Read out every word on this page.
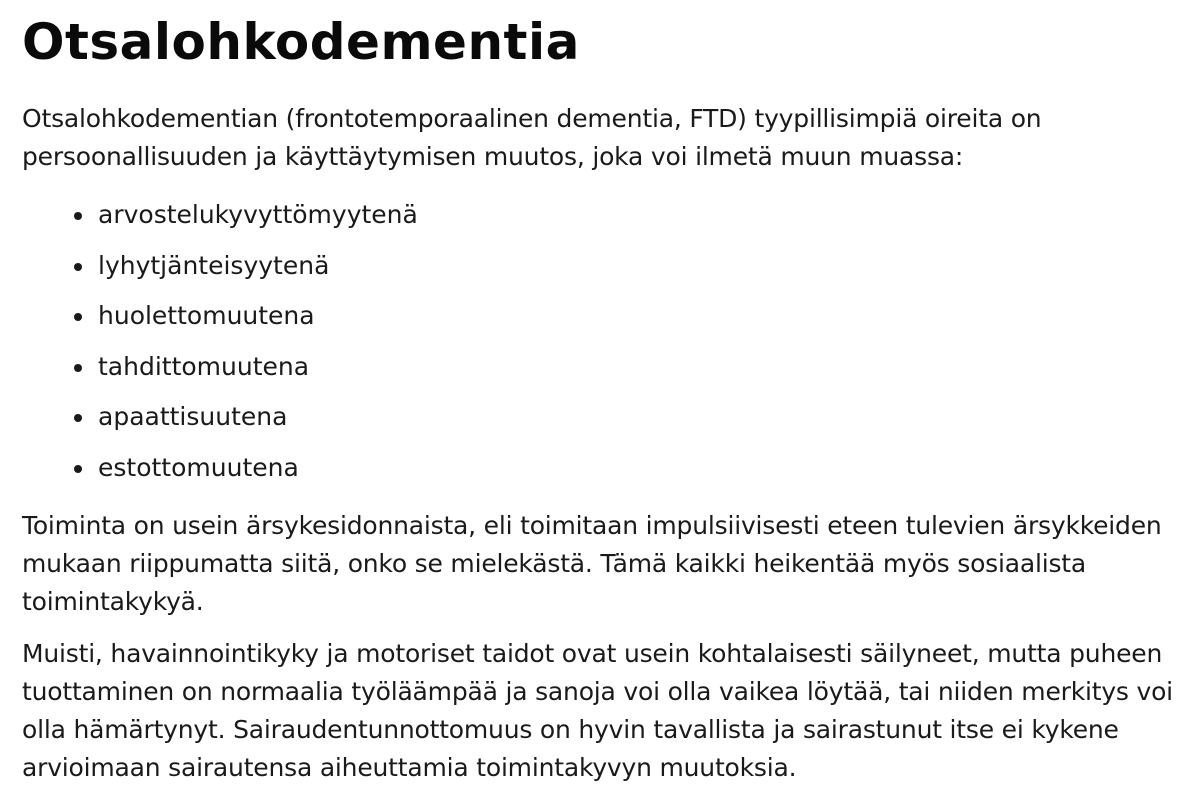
Otsalohkodementia

Otsalohkodementian (frontotemporaalinen dementia, FTD) tyypillisimpiä oireita on persoonallisuuden ja käyttäytymisen muutos, joka voi ilmetä muun muassa:

arvostelukyvyttömyytenä
lyhytjänteisyytenä
huolettomuutena
tahdittomuutena
apaattisuutena
estottomuutena

Toiminta on usein ärsykesidonnaista, eli toimitaan impulsiivisesti eteen tulevien ärsykkeiden mukaan riippumatta siitä, onko se mielekästä. Tämä kaikki heikentää myös sosiaalista toimintakykyä.

Muisti, havainnointikyky ja motoriset taidot ovat usein kohtalaisesti säilyneet, mutta puheen tuottaminen on normaalia työläämpää ja sanoja voi olla vaikea löytää, tai niiden merkitys voi olla hämärtynyt. Sairaudentunnottomuus on hyvin tavallista ja sairastunut itse ei kykene arvioimaan sairautensa aiheuttamia toimintakyvyn muutoksia.
